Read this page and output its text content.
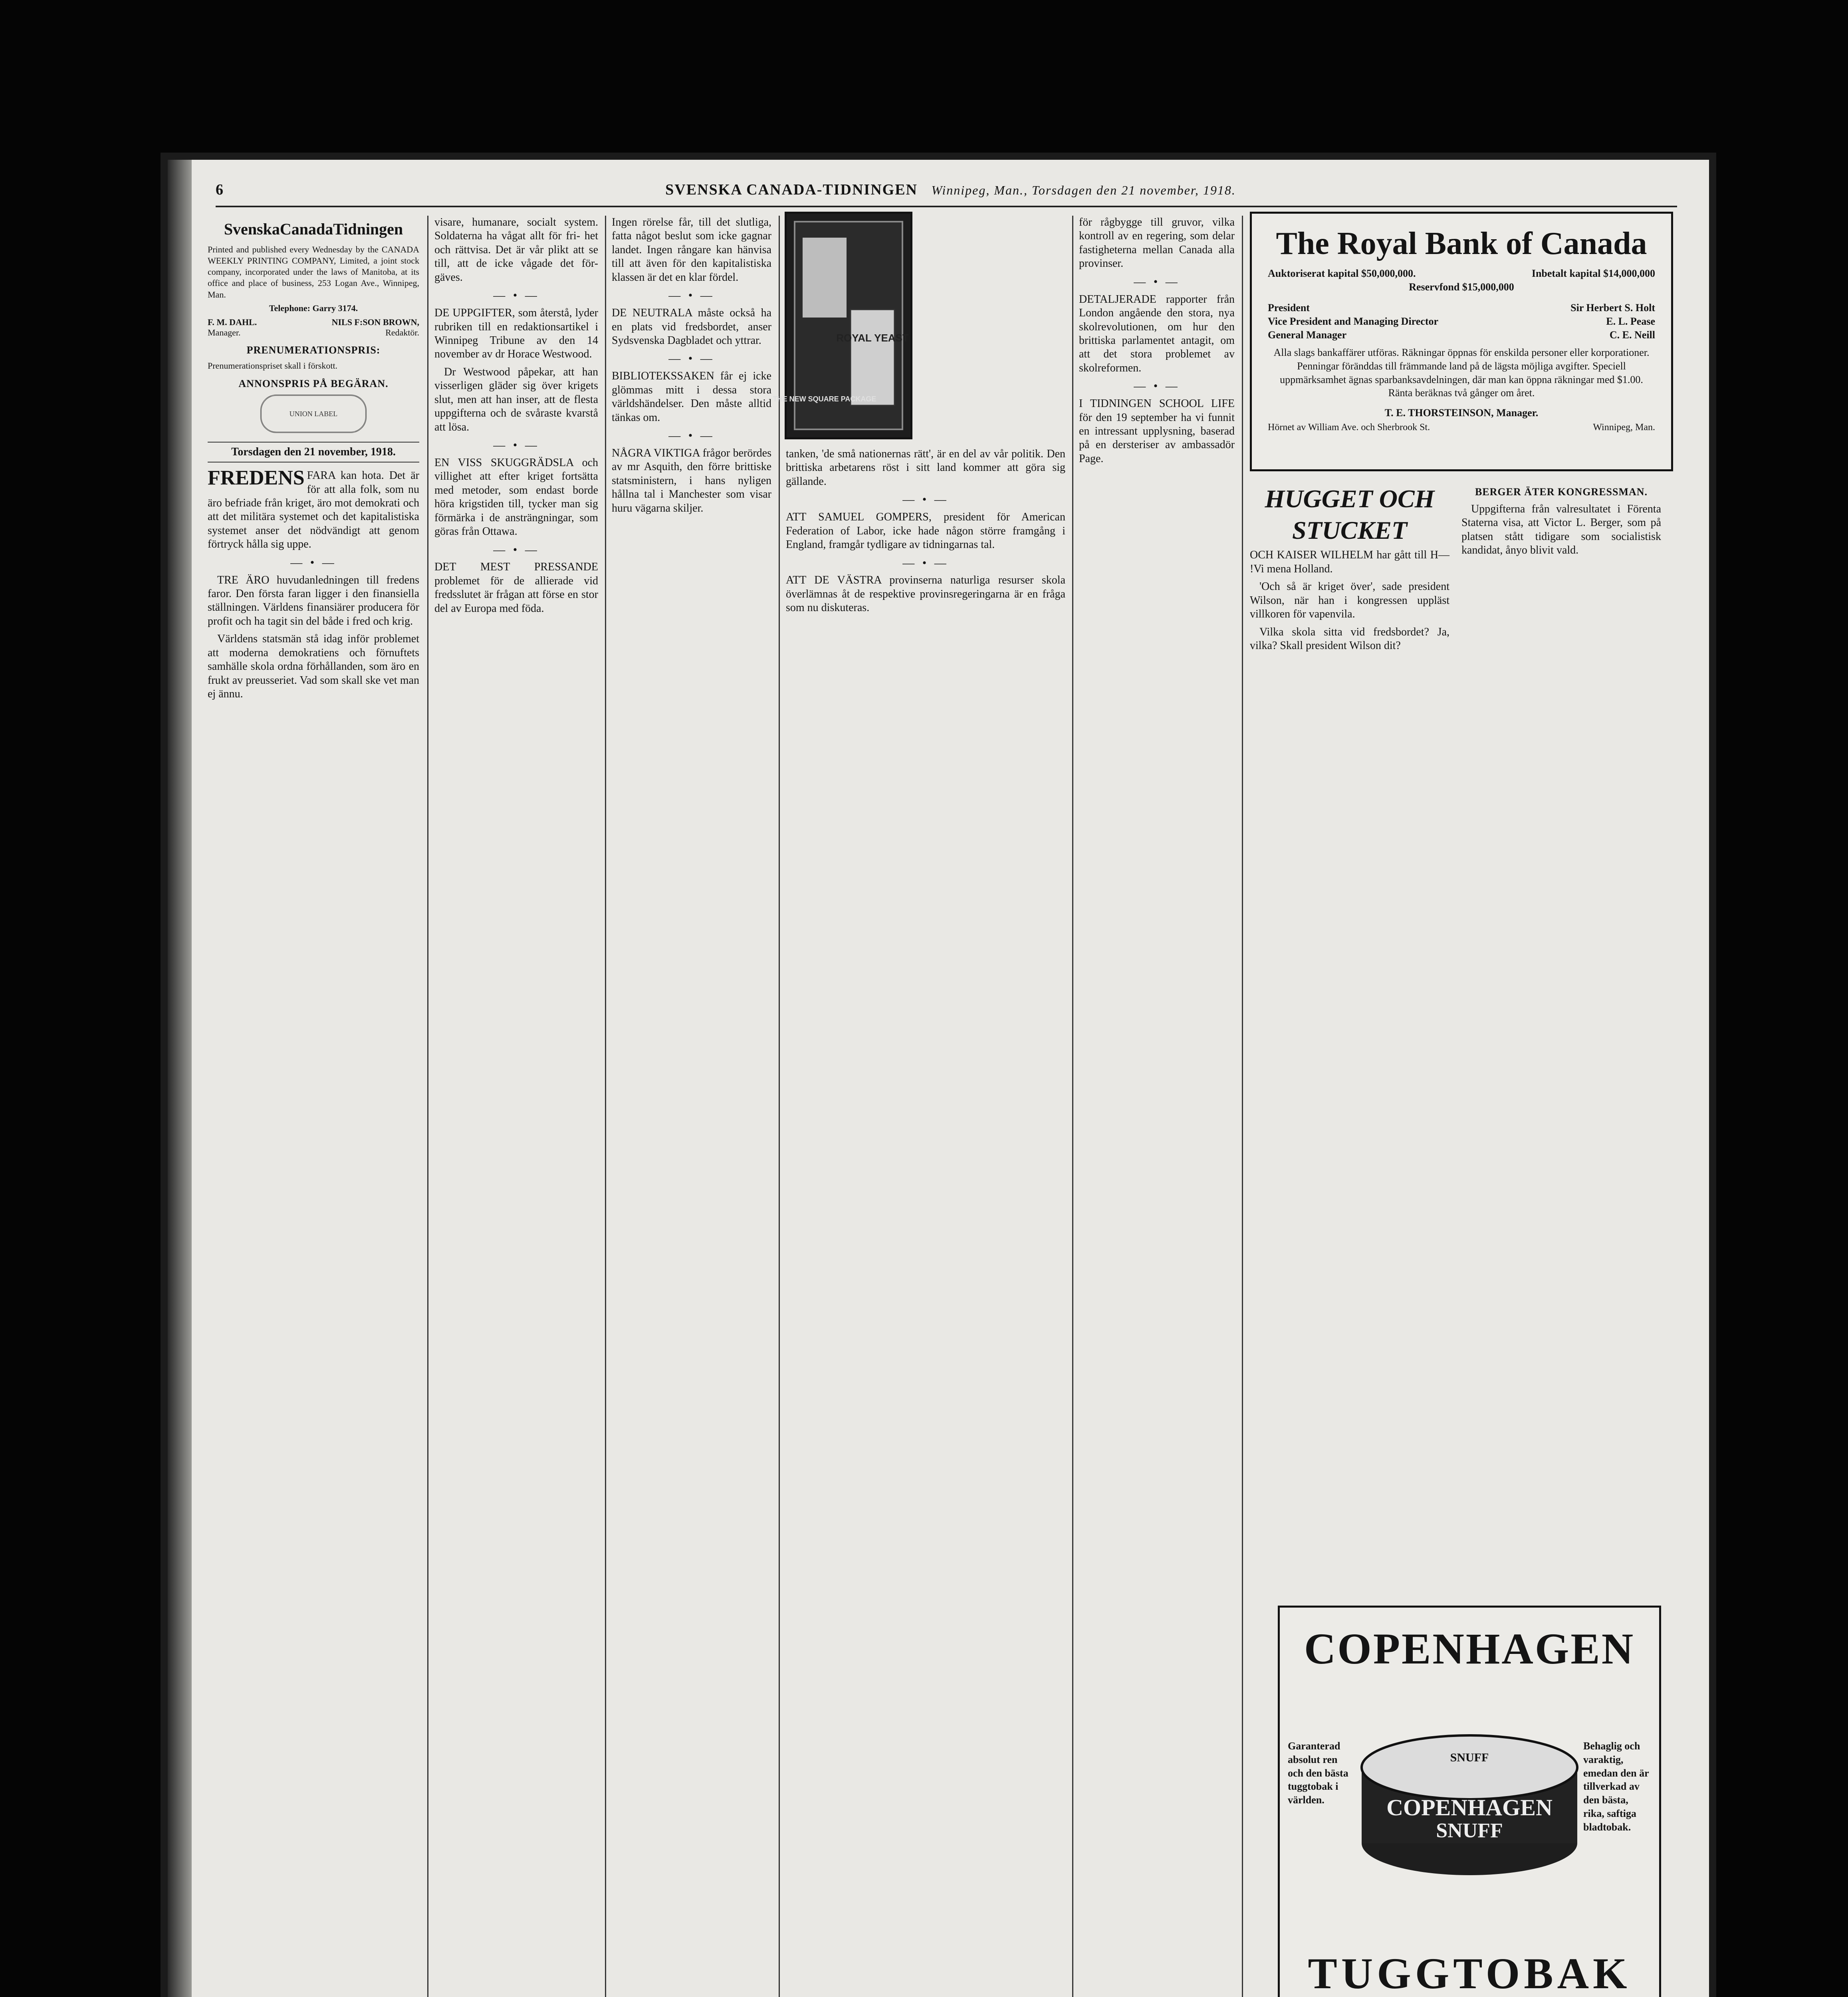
6	SVENSKA CANADA-TIDNINGEN Winnipeg, Man., Torsdagen den 21 november, 1918.
SvenskaCanadaTidningen
Printed and published every Wednesday by the CANADA WEEKLY PRINTING COMPANY, Limited, a joint stock company, incorporated under the laws of Manitoba, at its office and place of business, 253 Logan Ave., Winnipeg, Man.
Telephone: Garry 3174.
F. M. DAHL.
Manager.
NILS F:SON BROWN,
Redaktör.
PRENUMERATIONSPRIS:
Prenumerationspriset skall i förskott.
ANNONSPRIS PÅ BEGÄRAN.
UNION LABEL
Torsdagen den 21 november, 1918.

FREDENS FARA kan hota. Det är för att alla folk, som nu äro befriade från kriget, äro mot demokrati och att det militära systemet och det kapitalistiska systemet anser det nödvändigt att genom förtryck hålla sig uppe.

— • —

TRE ÄRO huvudanledningen till fredens faror. Den första faran ligger i den finansiella ställningen. Världens finansiärer producera för profit och ha tagit sin del både i fred och krig.

Världens statsmän stå idag inför problemet att moderna demokratiens och förnuftets samhälle skola ordna förhållanden, som äro en frukt av preusseriet. Vad som skall ske vet man ej ännu.

visare, humanare, socialt system. Soldaterna ha vågat allt för fri- het och rättvisa. Det är vår plikt att se till, att de icke vågade det för- gäves.

— • —

DE UPPGIFTER, som återstå, lyder rubriken till en redaktionsartikel i Winnipeg Tribune av den 14 november av dr Horace Westwood.

Dr Westwood påpekar, att han visserligen gläder sig över krigets slut, men att han inser, att de flesta uppgifterna och de svåraste kvarstå att lösa.

— • —

EN VISS SKUGGRÄDSLA och villighet att efter kriget fortsätta med metoder, som endast borde höra krigstiden till, tycker man sig förmärka i de ansträngningar, som göras från Ottawa.

— • —

DET MEST PRESSANDE problemet för de allierade vid fredsslutet är frågan att förse en stor del av Europa med föda.

Ingen rörelse får, till det slutliga, fatta något beslut som icke gagnar landet. Ingen rångare kan hänvisa till att även för den kapitalistiska klassen är det en klar fördel.

— • —

DE NEUTRALA måste också ha en plats vid fredsbordet, anser Sydsvenska Dagbladet och yttrar.

— • —

BIBLIOTEKSSAKEN får ej icke glömmas mitt i dessa stora världshändelser. Den måste alltid tänkas om.

— • —

NÅGRA VIKTIGA frågor berördes av mr Asquith, den förre brittiske statsministern, i hans nyligen hållna tal i Manchester som visar huru vägarna skiljer.

ROYAL YEAST
THE NEW SQUARE PACKAGE

tanken, 'de små nationernas rätt', är en del av vår politik. Den brittiska arbetarens röst i sitt land kommer att göra sig gällande.

— • —

ATT SAMUEL GOMPERS, president för American Federation of Labor, icke hade någon större framgång i England, framgår tydligare av tidningarnas tal.

— • —

ATT DE VÄSTRA provinserna naturliga resurser skola överlämnas åt de respektive provinsregeringarna är en fråga som nu diskuteras.

för rågbygge till gruvor, vilka kontroll av en regering, som delar fastigheterna mellan Canada alla provinser.

— • —

DETALJERADE rapporter från London angående den stora, nya skolrevolutionen, om hur den brittiska parlamentet antagit, om att det stora problemet av skolreformen.

— • —

I TIDNINGEN SCHOOL LIFE för den 19 september ha vi funnit en intressant upplysning, baserad på en dersteriser av ambassadör Page.

The Royal Bank of Canada
Auktoriserat kapital $50,000,000.	Inbetalt kapital $14,000,000
Reservfond $15,000,000
President	Sir Herbert S. Holt
Vice President and Managing Director	E. L. Pease
General Manager	C. E. Neill
Alla slags bankaffärer utföras. Räkningar öppnas för enskilda personer eller korporationer. Penningar föränddas till främmande land på de lägsta möjliga avgifter. Speciell uppmärksamhet ägnas sparbanksavdelningen, där man kan öppna räkningar med $1.00. Ränta beräknas två gånger om året.
T. E. THORSTEINSON, Manager.
Hörnet av William Ave. och Sherbrook St.	Winnipeg, Man.
HUGGET OCH STUCKET

OCH KAISER WILHELM har gått till H— !Vi mena Holland.

'Och så är kriget över', sade president Wilson, när han i kongressen uppläst villkoren för vapenvila.

Vilka skola sitta vid fredsbordet? Ja, vilka? Skall president Wilson dit?

BERGER ÄTER KONGRESSMAN.

Uppgifterna från valresultatet i Förenta Staterna visa, att Victor L. Berger, som på platsen stått tidigare som socialistisk kandidat, ånyo blivit vald.

COPENHAGEN
Garanterad absolut ren och den bästa tuggtobak i världen.
Behaglig och varaktig, emedan den är tillverkad av den bästa, rika, saftiga bladtobak.
SNUFF
COPENHAGEN
SNUFF
TUGGTOBAK
